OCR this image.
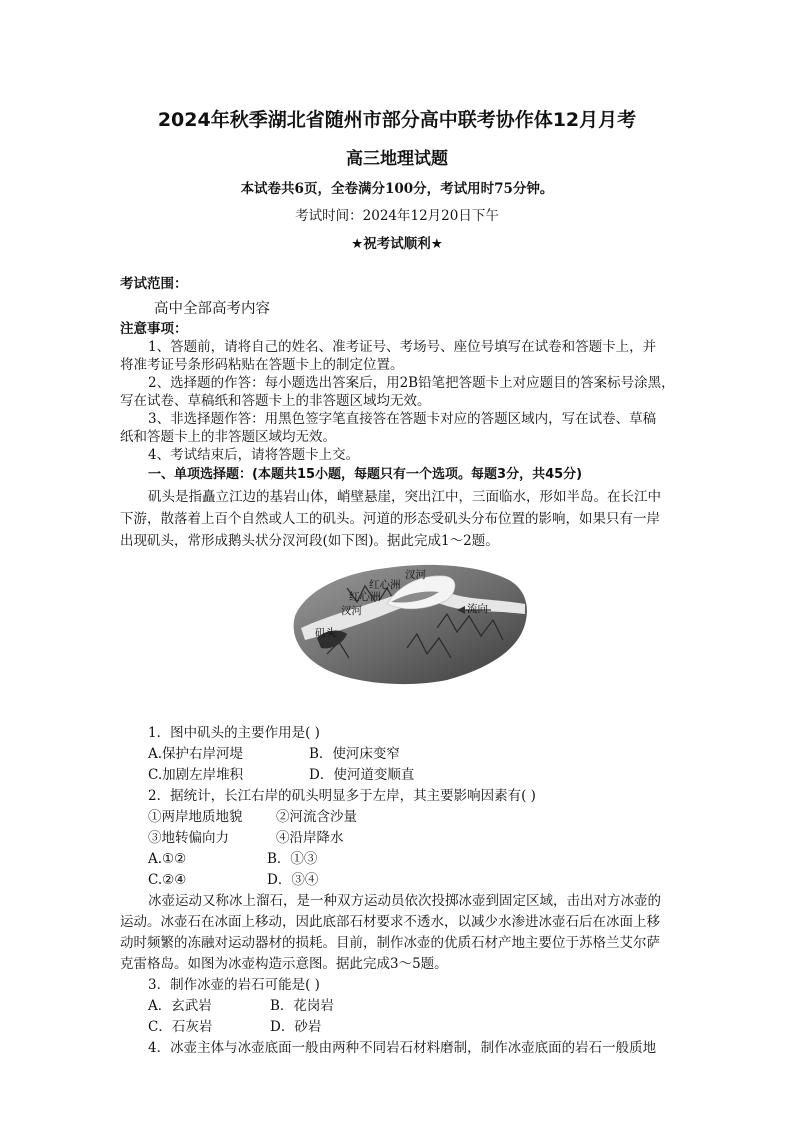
2024年秋季湖北省随州市部分高中联考协作体12月月考
高三地理试题
本试卷共6页，全卷满分100分，考试用时75分钟。
考试时间：2024年12月20日下午
★祝考试顺利★
考试范围：
高中全部高考内容
注意事项：
1、答题前，请将自己的姓名、准考证号、考场号、座位号填写在试卷和答题卡上，并
将准考证号条形码粘贴在答题卡上的制定位置。
2、选择题的作答：每小题选出答案后，用2B铅笔把答题卡上对应题目的答案标号涂黑，
写在试卷、草稿纸和答题卡上的非答题区域均无效。
3、非选择题作答：用黑色签字笔直接答在答题卡对应的答题区域内，写在试卷、草稿
纸和答题卡上的非答题区域均无效。
4、考试结束后，请将答题卡上交。
一、单项选择题：(本题共15小题，每题只有一个选项。每题3分，共45分)
矶头是指矗立江边的基岩山体，峭壁悬崖，突出江中，三面临水，形如半岛。在长江中
下游，散落着上百个自然或人工的矶头。河道的形态受矶头分布位置的影响，如果只有一岸
出现矶头，常形成鹅头状分汊河段(如下图)。据此完成1～2题。
汊河
红心洲
红心洲
汊河	流向
矶头
1．图中矶头的主要作用是( )
A.保护右岸河堤	B．使河床变窄
C.加剧左岸堆积	D．使河道变顺直
2．据统计，长江右岸的矶头明显多于左岸，其主要影响因素有( )
①两岸地质地貌 ②河流含沙量
③地转偏向力	④沿岸降水
A.①②	B．①③
C.②④	D．③④
冰壶运动又称冰上溜石，是一种双方运动员依次投掷冰壶到固定区域，击出对方冰壶的
运动。冰壶石在冰面上移动，因此底部石材要求不透水，以减少水渗进冰壶石后在冰面上移
动时频繁的冻融对运动器材的损耗。目前，制作冰壶的优质石材产地主要位于苏格兰艾尔萨
克雷格岛。如图为冰壶构造示意图。据此完成3～5题。
3．制作冰壶的岩石可能是( )
A．玄武岩	B．花岗岩
C．石灰岩	D．砂岩
4．冰壶主体与冰壶底面一般由两种不同岩石材料磨制，制作冰壶底面的岩石一般质地
